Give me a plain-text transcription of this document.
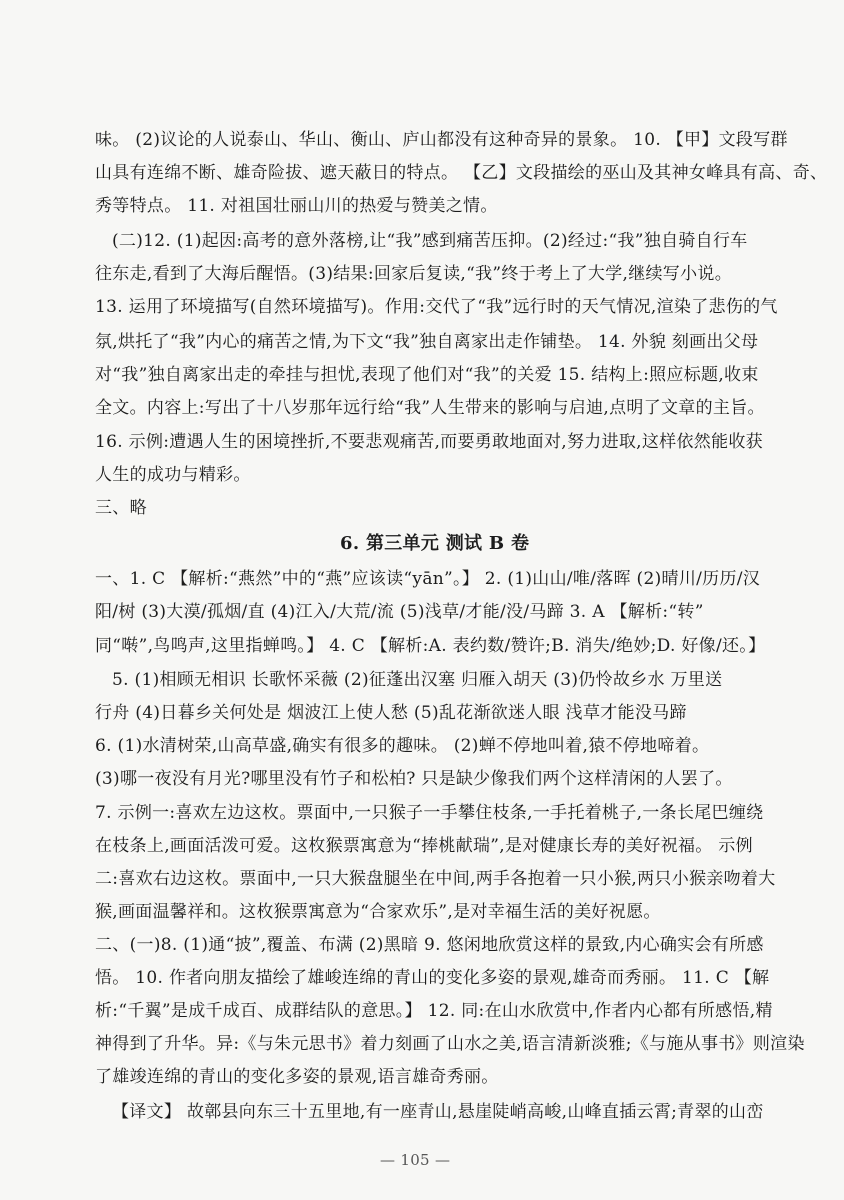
味。 (2)议论的人说泰山、华山、衡山、庐山都没有这种奇异的景象。 10. 【甲】文段写群
山具有连绵不断、雄奇险拔、遮天蔽日的特点。 【乙】文段描绘的巫山及其神女峰具有高、奇、
秀等特点。 11. 对祖国壮丽山川的热爱与赞美之情。
(二)12. (1)起因:高考的意外落榜,让“我”感到痛苦压抑。(2)经过:“我”独自骑自行车
往东走,看到了大海后醒悟。(3)结果:回家后复读,“我”终于考上了大学,继续写小说。
13. 运用了环境描写(自然环境描写)。作用:交代了“我”远行时的天气情况,渲染了悲伤的气
氛,烘托了“我”内心的痛苦之情,为下文“我”独自离家出走作铺垫。 14. 外貌 刻画出父母
对“我”独自离家出走的牵挂与担忧,表现了他们对“我”的关爱 15. 结构上:照应标题,收束
全文。内容上:写出了十八岁那年远行给“我”人生带来的影响与启迪,点明了文章的主旨。
16. 示例:遭遇人生的困境挫折,不要悲观痛苦,而要勇敢地面对,努力进取,这样依然能收获
人生的成功与精彩。
三、略
6. 第三单元 测试 B 卷
一、1. C 【解析:“燕然”中的“燕”应该读“yān”。】 2. (1)山山/唯/落晖 (2)晴川/历历/汉
阳/树 (3)大漠/孤烟/直 (4)江入/大荒/流 (5)浅草/才能/没/马蹄 3. A 【解析:“转”
同“啭”,鸟鸣声,这里指蝉鸣。】 4. C 【解析:A. 表约数/赞许;B. 消失/绝妙;D. 好像/还。】
5. (1)相顾无相识 长歌怀采薇 (2)征蓬出汉塞 归雁入胡天 (3)仍怜故乡水 万里送
行舟 (4)日暮乡关何处是 烟波江上使人愁 (5)乱花渐欲迷人眼 浅草才能没马蹄
6. (1)水清树荣,山高草盛,确实有很多的趣味。 (2)蝉不停地叫着,猿不停地啼着。
(3)哪一夜没有月光?哪里没有竹子和松柏? 只是缺少像我们两个这样清闲的人罢了。
7. 示例一:喜欢左边这枚。票面中,一只猴子一手攀住枝条,一手托着桃子,一条长尾巴缠绕
在枝条上,画面活泼可爱。这枚猴票寓意为“捧桃献瑞”,是对健康长寿的美好祝福。 示例
二:喜欢右边这枚。票面中,一只大猴盘腿坐在中间,两手各抱着一只小猴,两只小猴亲吻着大
猴,画面温馨祥和。这枚猴票寓意为“合家欢乐”,是对幸福生活的美好祝愿。
二、(一)8. (1)通“披”,覆盖、布满 (2)黑暗 9. 悠闲地欣赏这样的景致,内心确实会有所感
悟。 10. 作者向朋友描绘了雄峻连绵的青山的变化多姿的景观,雄奇而秀丽。 11. C 【解
析:“千翼”是成千成百、成群结队的意思。】 12. 同:在山水欣赏中,作者内心都有所感悟,精
神得到了升华。异:《与朱元思书》着力刻画了山水之美,语言清新淡雅;《与施从事书》则渲染
了雄竣连绵的青山的变化多姿的景观,语言雄奇秀丽。
【译文】 故鄣县向东三十五里地,有一座青山,悬崖陡峭高峻,山峰直插云霄;青翠的山峦
— 105 —
